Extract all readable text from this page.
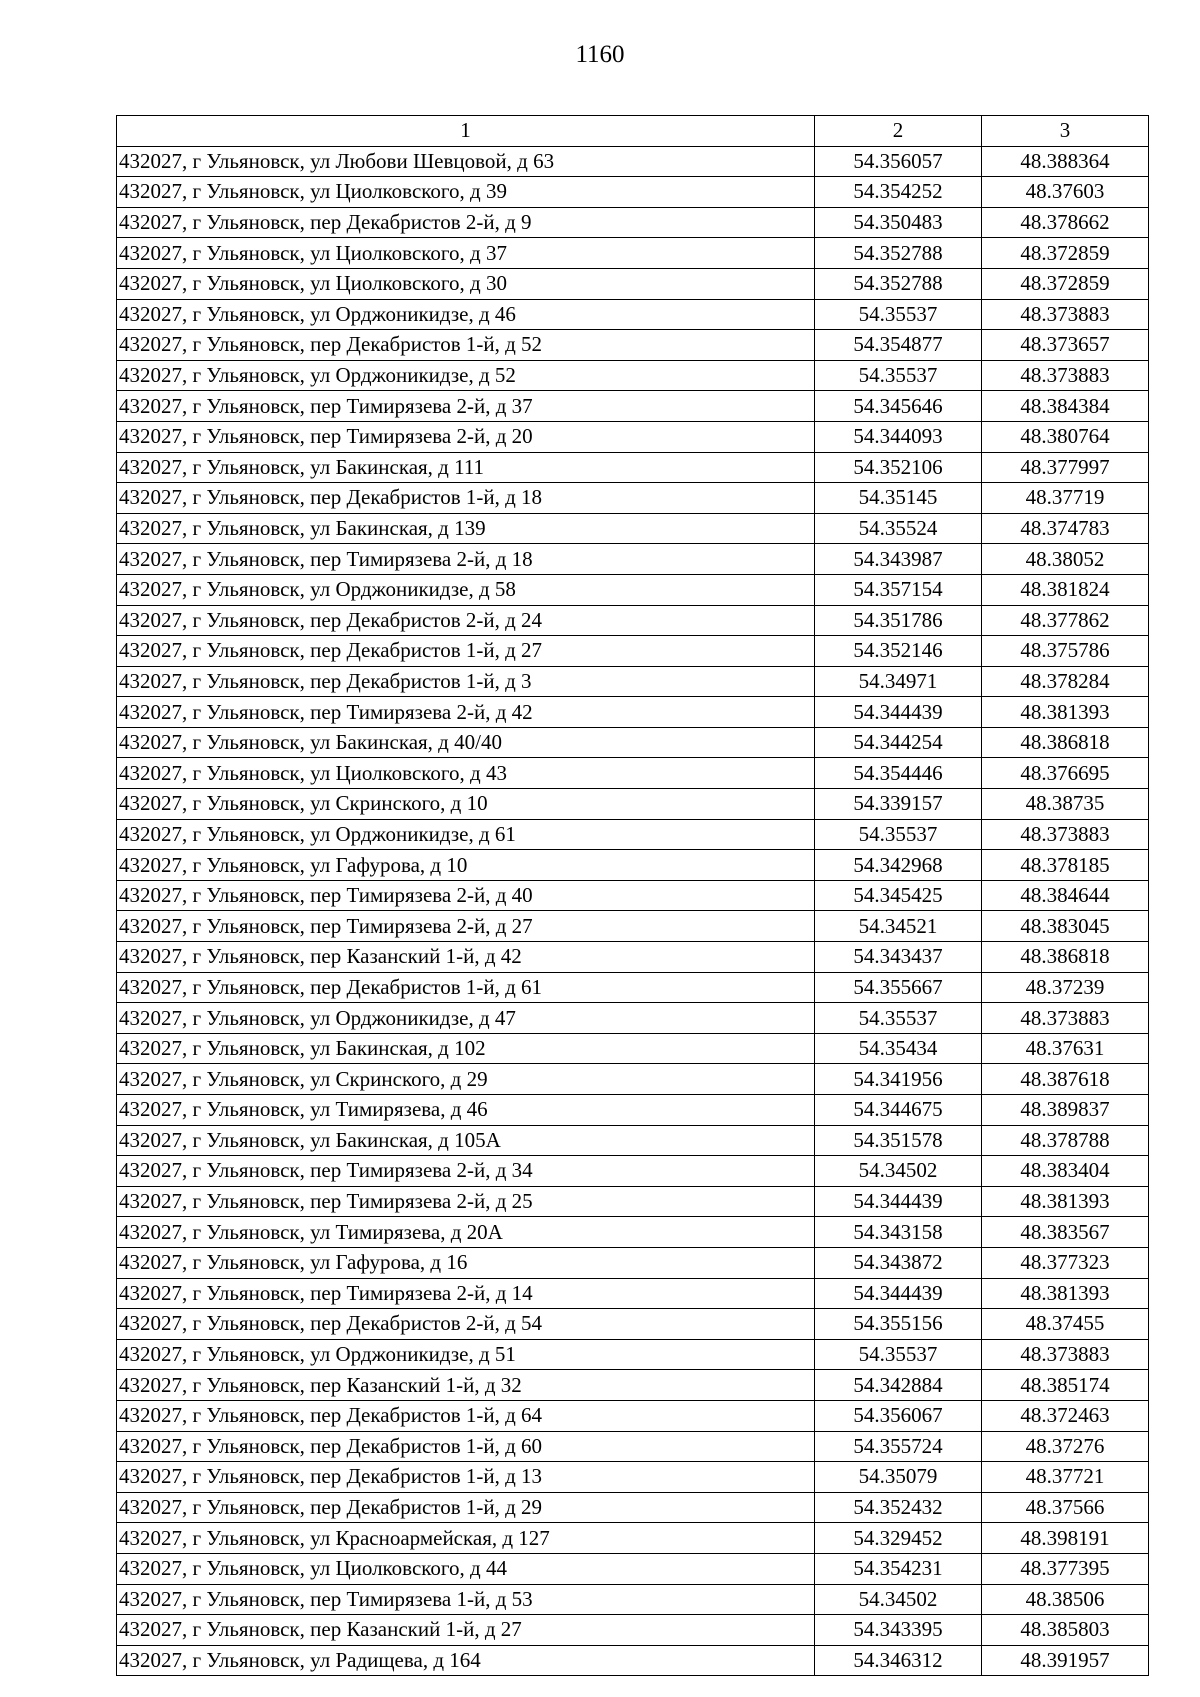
1160
1	2	3
432027, г Ульяновск, ул Любови Шевцовой, д 63	54.356057	48.388364
432027, г Ульяновск, ул Циолковского, д 39	54.354252	48.37603
432027, г Ульяновск, пер Декабристов 2-й, д 9	54.350483	48.378662
432027, г Ульяновск, ул Циолковского, д 37	54.352788	48.372859
432027, г Ульяновск, ул Циолковского, д 30	54.352788	48.372859
432027, г Ульяновск, ул Орджоникидзе, д 46	54.35537	48.373883
432027, г Ульяновск, пер Декабристов 1-й, д 52	54.354877	48.373657
432027, г Ульяновск, ул Орджоникидзе, д 52	54.35537	48.373883
432027, г Ульяновск, пер Тимирязева 2-й, д 37	54.345646	48.384384
432027, г Ульяновск, пер Тимирязева 2-й, д 20	54.344093	48.380764
432027, г Ульяновск, ул Бакинская, д 111	54.352106	48.377997
432027, г Ульяновск, пер Декабристов 1-й, д 18	54.35145	48.37719
432027, г Ульяновск, ул Бакинская, д 139	54.35524	48.374783
432027, г Ульяновск, пер Тимирязева 2-й, д 18	54.343987	48.38052
432027, г Ульяновск, ул Орджоникидзе, д 58	54.357154	48.381824
432027, г Ульяновск, пер Декабристов 2-й, д 24	54.351786	48.377862
432027, г Ульяновск, пер Декабристов 1-й, д 27	54.352146	48.375786
432027, г Ульяновск, пер Декабристов 1-й, д 3	54.34971	48.378284
432027, г Ульяновск, пер Тимирязева 2-й, д 42	54.344439	48.381393
432027, г Ульяновск, ул Бакинская, д 40/40	54.344254	48.386818
432027, г Ульяновск, ул Циолковского, д 43	54.354446	48.376695
432027, г Ульяновск, ул Скринского, д 10	54.339157	48.38735
432027, г Ульяновск, ул Орджоникидзе, д 61	54.35537	48.373883
432027, г Ульяновск, ул Гафурова, д 10	54.342968	48.378185
432027, г Ульяновск, пер Тимирязева 2-й, д 40	54.345425	48.384644
432027, г Ульяновск, пер Тимирязева 2-й, д 27	54.34521	48.383045
432027, г Ульяновск, пер Казанский 1-й, д 42	54.343437	48.386818
432027, г Ульяновск, пер Декабристов 1-й, д 61	54.355667	48.37239
432027, г Ульяновск, ул Орджоникидзе, д 47	54.35537	48.373883
432027, г Ульяновск, ул Бакинская, д 102	54.35434	48.37631
432027, г Ульяновск, ул Скринского, д 29	54.341956	48.387618
432027, г Ульяновск, ул Тимирязева, д 46	54.344675	48.389837
432027, г Ульяновск, ул Бакинская, д 105А	54.351578	48.378788
432027, г Ульяновск, пер Тимирязева 2-й, д 34	54.34502	48.383404
432027, г Ульяновск, пер Тимирязева 2-й, д 25	54.344439	48.381393
432027, г Ульяновск, ул Тимирязева, д 20А	54.343158	48.383567
432027, г Ульяновск, ул Гафурова, д 16	54.343872	48.377323
432027, г Ульяновск, пер Тимирязева 2-й, д 14	54.344439	48.381393
432027, г Ульяновск, пер Декабристов 2-й, д 54	54.355156	48.37455
432027, г Ульяновск, ул Орджоникидзе, д 51	54.35537	48.373883
432027, г Ульяновск, пер Казанский 1-й, д 32	54.342884	48.385174
432027, г Ульяновск, пер Декабристов 1-й, д 64	54.356067	48.372463
432027, г Ульяновск, пер Декабристов 1-й, д 60	54.355724	48.37276
432027, г Ульяновск, пер Декабристов 1-й, д 13	54.35079	48.37721
432027, г Ульяновск, пер Декабристов 1-й, д 29	54.352432	48.37566
432027, г Ульяновск, ул Красноармейская, д 127	54.329452	48.398191
432027, г Ульяновск, ул Циолковского, д 44	54.354231	48.377395
432027, г Ульяновск, пер Тимирязева 1-й, д 53	54.34502	48.38506
432027, г Ульяновск, пер Казанский 1-й, д 27	54.343395	48.385803
432027, г Ульяновск, ул Радищева, д 164	54.346312	48.391957
